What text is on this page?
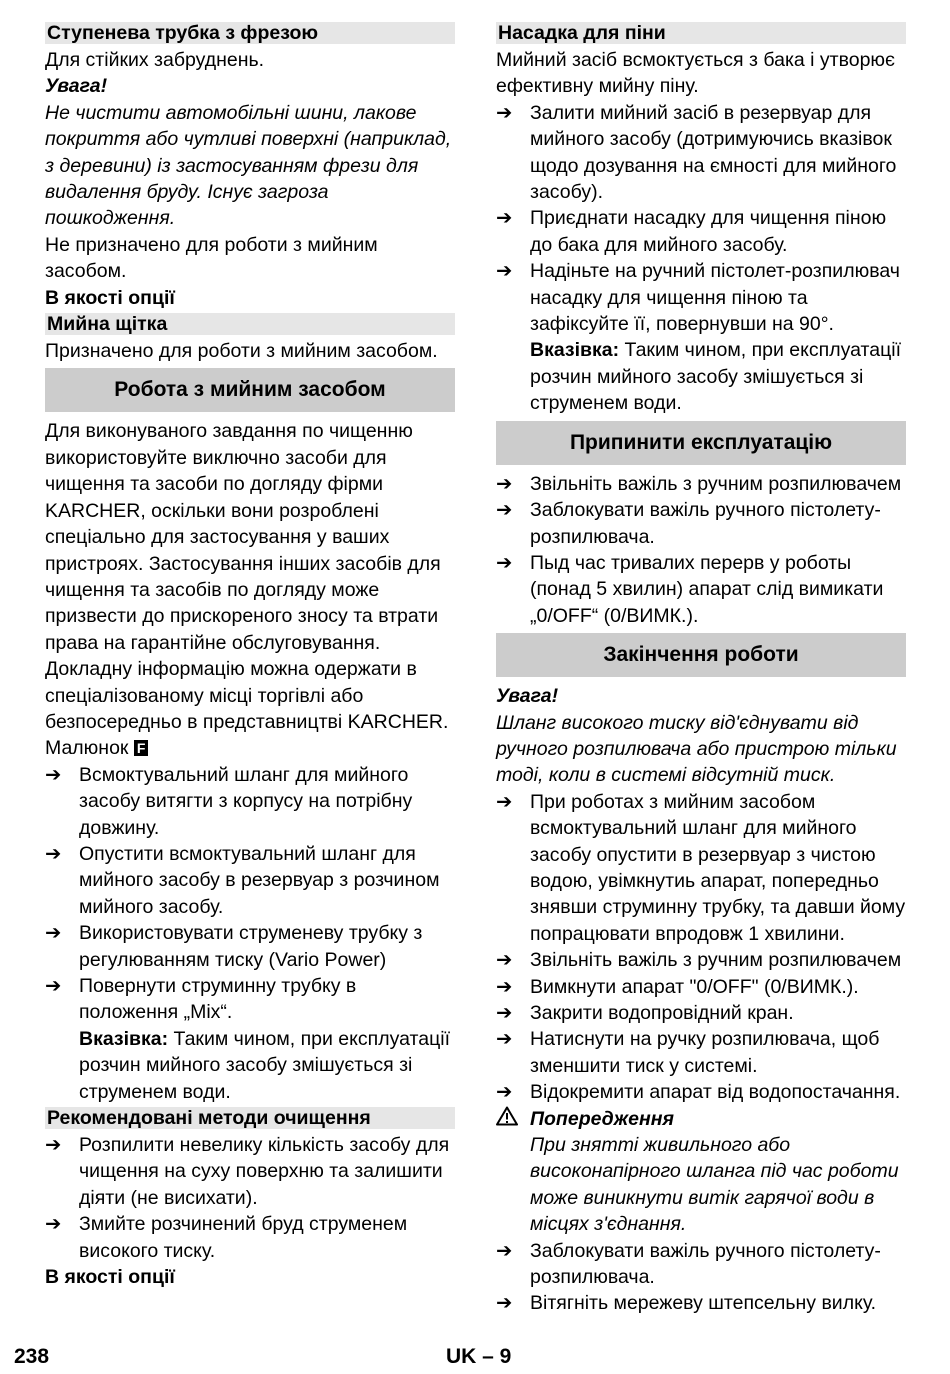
Ступенева трубка з фрезою

Для стійких забруднень.

Увага!

Не чистити автомобільні шини, лакове покриття або чутливі поверхні (наприклад, з деревини) із застосуванням фрези для видалення бруду. Існує загроза пошкодження.

Не призначено для роботи з мийним засобом.

В якості опції

Мийна щітка

Призначено для роботи з мийним засобом.

Робота з мийним засобом

Для виконуваного завдання по чищенню використовуйте виключно засоби для чищення та засоби по догляду фірми KARCHER, оскільки вони розроблені спеціально для застосування у ваших пристроях. Застосування інших засобів для чищення та засобів по догляду може призвести до прискореного зносу та втрати права на гарантійне обслуговування. Докладну інформацію можна одержати в спеціалізованому місці торгівлі або безпосередньо в представництві KARCHER.

Малюнок F

➔ Всмоктувальний шланг для мийного засобу витягти з корпусу на потрібну довжину.
➔ Опустити всмоктувальний шланг для мийного засобу в резервуар з розчином мийного засобу.
➔ Використовувати струменеву трубку з регулюванням тиску (Vario Power)
➔ Повернути струминну трубку в положення „Mix“.

Вказівка: Таким чином, при експлуатації розчин мийного засобу змішується зі струменем води.

Рекомендовані методи очищення
➔ Розпилити невелику кількість засобу для чищення на суху поверхню та залишити діяти (не висихати).
➔ Змийте розчинений бруд струменем високого тиску.

В якості опції

Насадка для піни

Мийний засіб всмоктується з бака і утворює ефективну мийну піну.

➔ Залити мийний засіб в резервуар для мийного засобу (дотримуючись вказівок щодо дозування на ємності для мийного засобу).
➔ Приєднати насадку для чищення піною до бака для мийного засобу.
➔ Надіньте на ручний пістолет-розпилювач насадку для чищення піною та зафіксуйте її, повернувши на 90°.

Вказівка: Таким чином, при експлуатації розчин мийного засобу змішується зі струменем води.

Припинити експлуатацію
➔ Звільніть важіль з ручним розпилювачем
➔ Заблокувати важіль ручного пістолету-розпилювача.
➔ Пыд час тривалих перерв у роботы (понад 5 хвилин) апарат слід вимикати „0/OFF“ (0/ВИМК.).
Закінчення роботи

Увага!

Шланг високого тиску від'єднувати від ручного розпилювача або пристрою тільки тоді, коли в системі відсутній тиск.

➔ При роботах з мийним засобом всмоктувальний шланг для мийного засобу опустити в резервуар з чистою водою, увімкнутиь апарат, попередньо знявши струминну трубку, та давши йому попрацювати впродовж 1 хвилини.
➔ Звільніть важіль з ручним розпилювачем
➔ Вимкнути апарат "0/OFF" (0/ВИМК.).
➔ Закрити водопровідний кран.
➔ Натиснути на ручку розпилювача, щоб зменшити тиск у системі.
➔ Відокремити апарат від водопостачання.
Попередження

При знятті живильного або високонапірного шланга під час роботи може виникнути витік гарячої води в місцях з'єднання.

➔ Заблокувати важіль ручного пістолету-розпилювача.
➔ Вітягніть мережеву штепсельну вилку.
238	UK – 9
